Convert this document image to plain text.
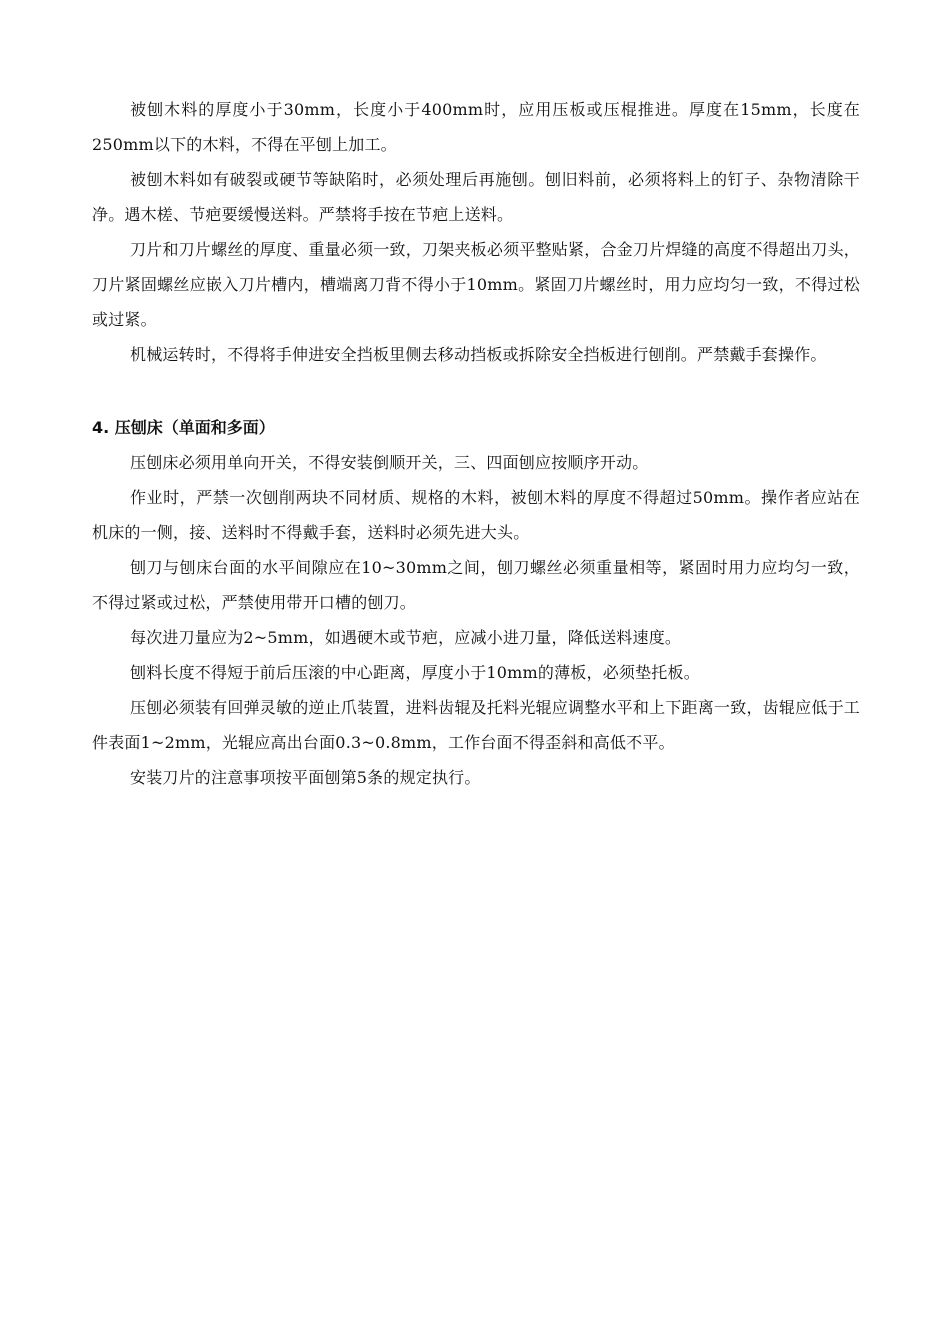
被刨木料的厚度小于30mm，长度小于400mm时，应用压板或压棍推进。厚度在15mm，长度在250mm以下的木料，不得在平刨上加工。

被刨木料如有破裂或硬节等缺陷时，必须处理后再施刨。刨旧料前，必须将料上的钉子、杂物清除干净。遇木槎、节疤要缓慢送料。严禁将手按在节疤上送料。

刀片和刀片螺丝的厚度、重量必须一致，刀架夹板必须平整贴紧，合金刀片焊缝的高度不得超出刀头，刀片紧固螺丝应嵌入刀片槽内，槽端离刀背不得小于10mm。紧固刀片螺丝时，用力应均匀一致，不得过松或过紧。

机械运转时，不得将手伸进安全挡板里侧去移动挡板或拆除安全挡板进行刨削。严禁戴手套操作。

4. 压刨床（单面和多面）

压刨床必须用单向开关，不得安装倒顺开关，三、四面刨应按顺序开动。

作业时，严禁一次刨削两块不同材质、规格的木料，被刨木料的厚度不得超过50mm。操作者应站在机床的一侧，接、送料时不得戴手套，送料时必须先进大头。

刨刀与刨床台面的水平间隙应在10~30mm之间，刨刀螺丝必须重量相等，紧固时用力应均匀一致，不得过紧或过松，严禁使用带开口槽的刨刀。

每次进刀量应为2~5mm，如遇硬木或节疤，应减小进刀量，降低送料速度。

刨料长度不得短于前后压滚的中心距离，厚度小于10mm的薄板，必须垫托板。

压刨必须装有回弹灵敏的逆止爪装置，进料齿辊及托料光辊应调整水平和上下距离一致，齿辊应低于工件表面1~2mm，光辊应高出台面0.3~0.8mm，工作台面不得歪斜和高低不平。

安装刀片的注意事项按平面刨第5条的规定执行。
